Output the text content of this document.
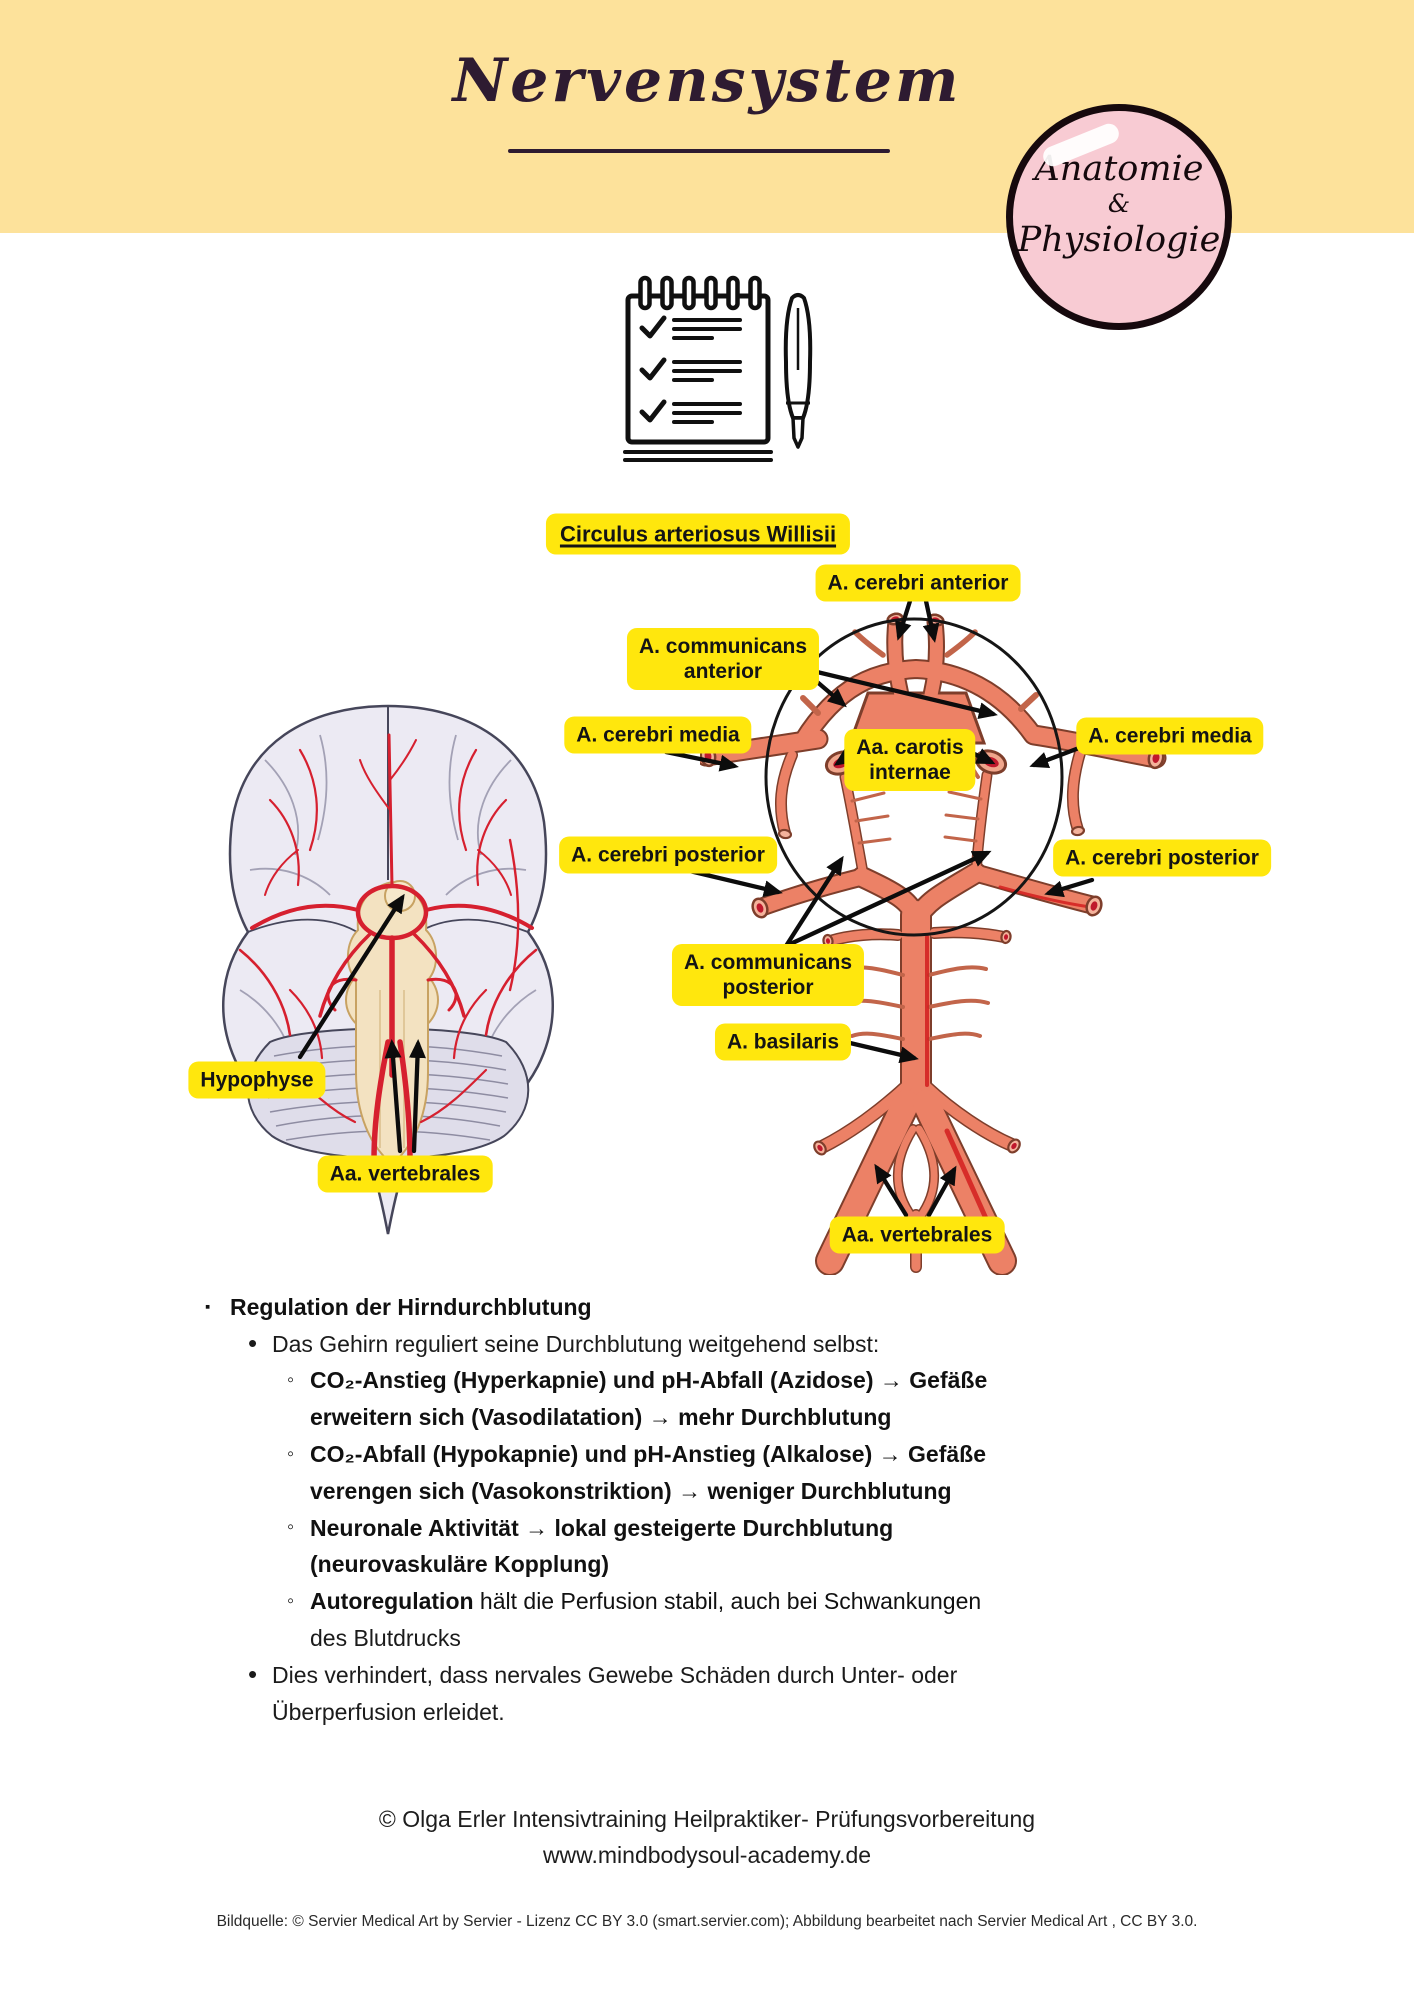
Nervensystem
Anatomie
&
Physiologie
Circulus arteriosus Willisii
A. cerebri anterior
A. communicans
anterior
A. cerebri media
Aa. carotis
internae
A. cerebri media
A. cerebri posterior	A. cerebri posterior
A. communicans
posterior
A. basilaris
Hypophyse
Aa. vertebrales
Aa. vertebrales
▪ Regulation der Hirndurchblutung
• Das Gehirn reguliert seine Durchblutung weitgehend selbst:
◦ CO₂-Anstieg (Hyperkapnie) und pH-Abfall (Azidose) → Gefäße
erweitern sich (Vasodilatation) → mehr Durchblutung
◦ CO₂-Abfall (Hypokapnie) und pH-Anstieg (Alkalose) → Gefäße
verengen sich (Vasokonstriktion) → weniger Durchblutung
◦ Neuronale Aktivität → lokal gesteigerte Durchblutung
(neurovaskuläre Kopplung)
◦ Autoregulation hält die Perfusion stabil, auch bei Schwankungen
des Blutdrucks
• Dies verhindert, dass nervales Gewebe Schäden durch Unter- oder
Überperfusion erleidet.
© Olga Erler Intensivtraining Heilpraktiker- Prüfungsvorbereitung
www.mindbodysoul-academy.de
Bildquelle: © Servier Medical Art by Servier - Lizenz CC BY 3.0 (smart.servier.com); Abbildung bearbeitet nach Servier Medical Art , CC BY 3.0.
